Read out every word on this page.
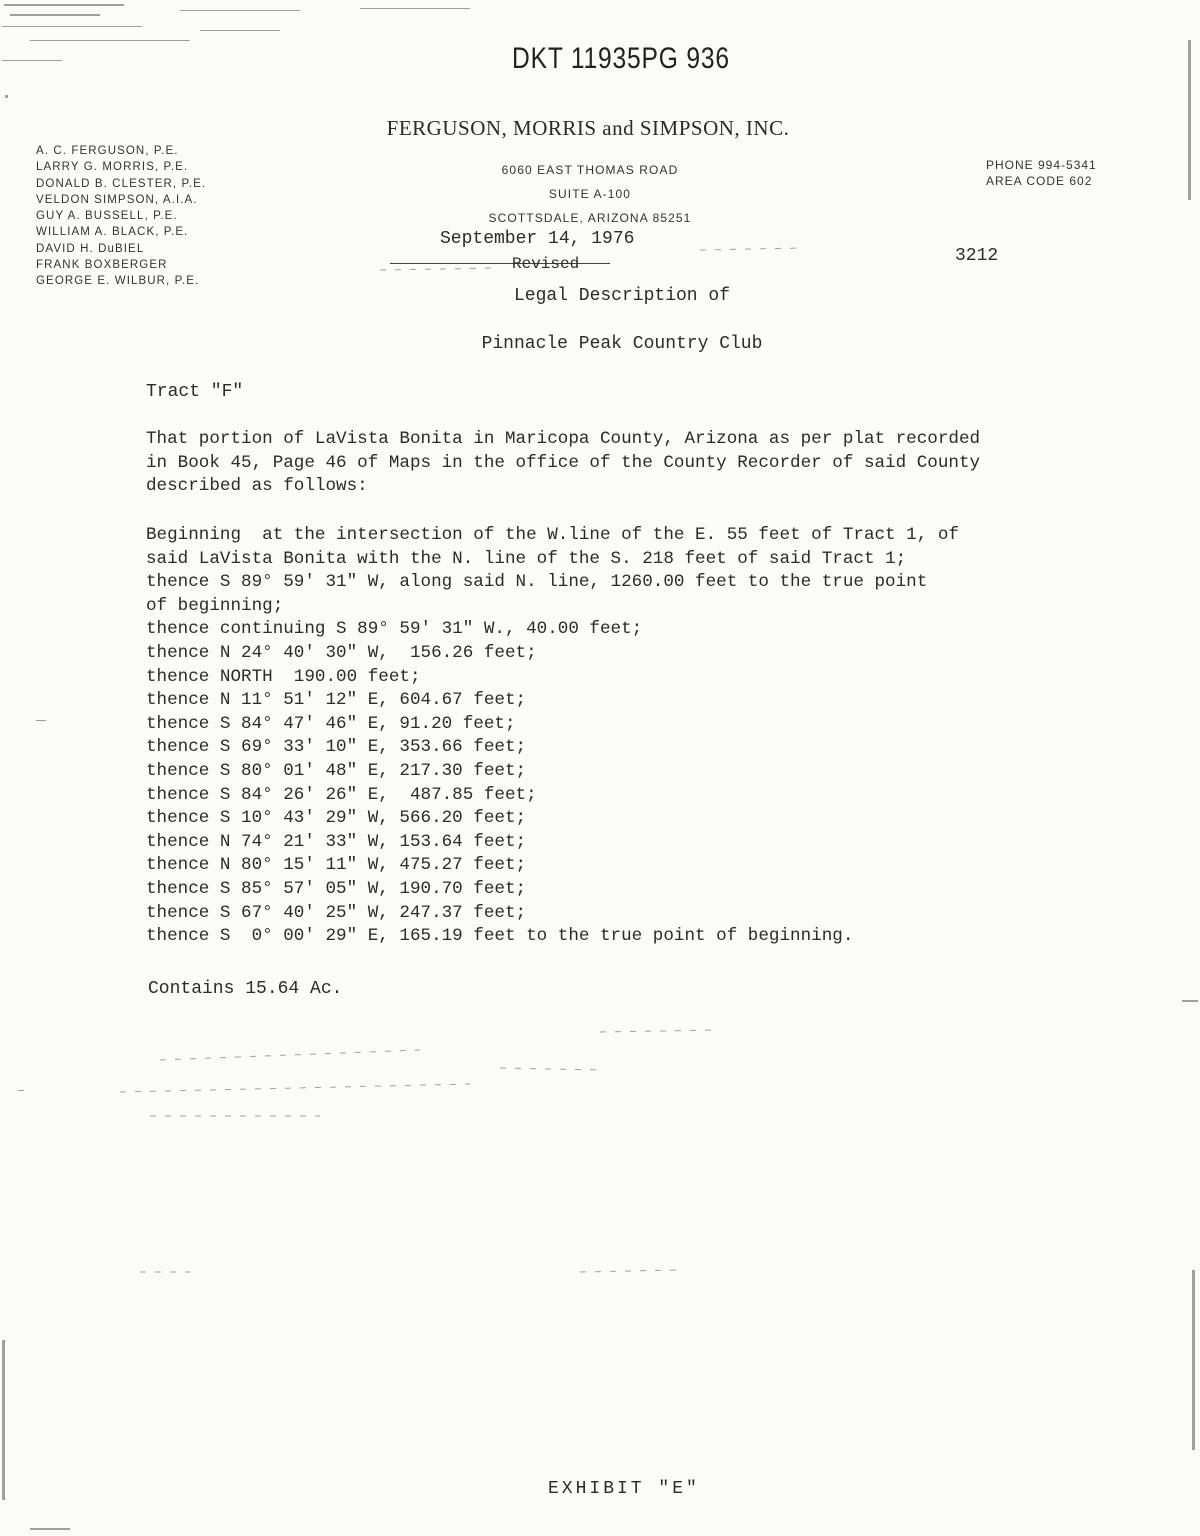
DKT 11935PG 936
FERGUSON, MORRIS and SIMPSON, INC.
A. C. FERGUSON, P.E.
LARRY G. MORRIS, P.E.
DONALD B. CLESTER, P.E.
VELDON SIMPSON, A.I.A.
GUY A. BUSSELL, P.E.
WILLIAM A. BLACK, P.E.
DAVID H. DuBIEL
FRANK BOXBERGER
GEORGE E. WILBUR, P.E.
6060 EAST THOMAS ROAD
SUITE A-100
SCOTTSDALE, ARIZONA 85251
PHONE 994-5341
AREA CODE 602
September 14, 1976
Revised	3212
Legal Description of
Pinnacle Peak Country Club
Tract "F"
That portion of LaVista Bonita in Maricopa County, Arizona as per plat recorded
in Book 45, Page 46 of Maps in the office of the County Recorder of said County
described as follows:
Beginning  at the intersection of the W.line of the E. 55 feet of Tract 1, of
said LaVista Bonita with the N. line of the S. 218 feet of said Tract 1;
thence S 89° 59' 31" W, along said N. line, 1260.00 feet to the true point
of beginning;
thence continuing S 89° 59' 31" W., 40.00 feet;
thence N 24° 40' 30" W,  156.26 feet;
thence NORTH  190.00 feet;
thence N 11° 51' 12" E, 604.67 feet;
thence S 84° 47' 46" E, 91.20 feet;
thence S 69° 33' 10" E, 353.66 feet;
thence S 80° 01' 48" E, 217.30 feet;
thence S 84° 26' 26" E,  487.85 feet;
thence S 10° 43' 29" W, 566.20 feet;
thence N 74° 21' 33" W, 153.64 feet;
thence N 80° 15' 11" W, 475.27 feet;
thence S 85° 57' 05" W, 190.70 feet;
thence S 67° 40' 25" W, 247.37 feet;
thence S  0° 00' 29" E, 165.19 feet to the true point of beginning.
Contains 15.64 Ac.
EXHIBIT "E"
